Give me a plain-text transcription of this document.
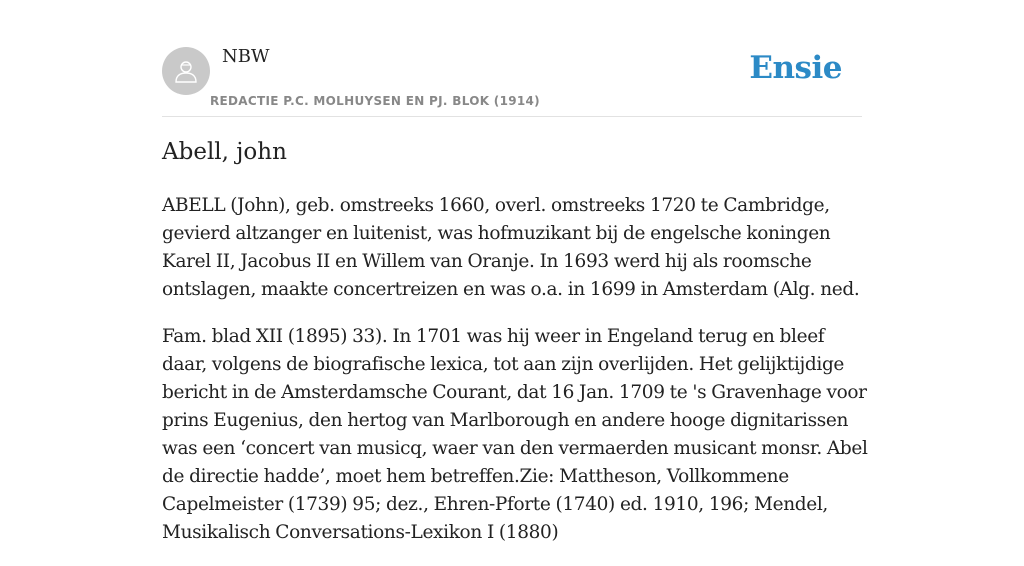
NBW
REDACTIE P.C. MOLHUYSEN EN PJ. BLOK (1914)
Ensie
Abell, john

ABELL (John), geb. omstreeks 1660, overl. omstreeks 1720 te Cambridge, gevierd altzanger en luitenist, was hofmuzikant bij de engelsche koningen Karel II, Jacobus II en Willem van Oranje. In 1693 werd hij als roomsche ontslagen, maakte concertreizen en was o.a. in 1699 in Amsterdam (Alg. ned.

Fam. blad XII (1895) 33). In 1701 was hij weer in Engeland terug en bleef daar, volgens de biografische lexica, tot aan zijn overlijden. Het gelijktijdige bericht in de Amsterdamsche Courant, dat 16 Jan. 1709 te 's Gravenhage voor prins Eugenius, den hertog van Marlborough en andere hooge dignitarissen was een ‘concert van musicq, waer van den vermaerden musicant monsr. Abel de directie hadde’, moet hem betreffen.Zie: Mattheson, Vollkommene Capelmeister (1739) 95; dez., Ehren-Pforte (1740) ed. 1910, 196; Mendel, Musikalisch Conversations-Lexikon I (1880)
